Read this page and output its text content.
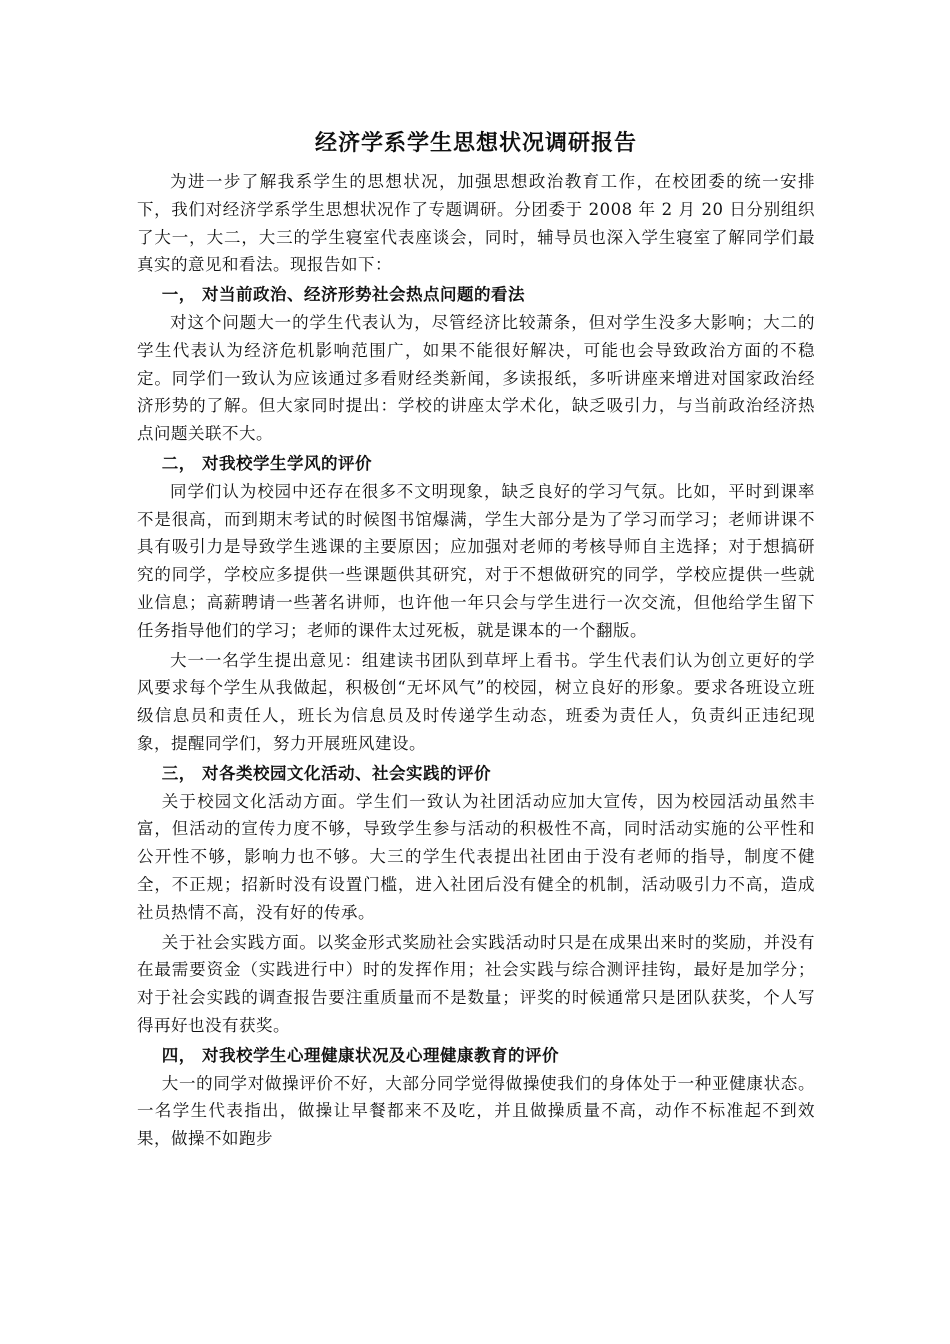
经济学系学生思想状况调研报告

为进一步了解我系学生的思想状况，加强思想政治教育工作，在校团委的统一安排下，我们对经济学系学生思想状况作了专题调研。分团委于 2008 年 2 月 20 日分别组织了大一，大二，大三的学生寝室代表座谈会，同时，辅导员也深入学生寝室了解同学们最真实的意见和看法。现报告如下：

一， 对当前政治、经济形势社会热点问题的看法

对这个问题大一的学生代表认为，尽管经济比较萧条，但对学生没多大影响；大二的学生代表认为经济危机影响范围广，如果不能很好解决，可能也会导致政治方面的不稳定。同学们一致认为应该通过多看财经类新闻，多读报纸，多听讲座来增进对国家政治经济形势的了解。但大家同时提出：学校的讲座太学术化，缺乏吸引力，与当前政治经济热点问题关联不大。

二， 对我校学生学风的评价

同学们认为校园中还存在很多不文明现象，缺乏良好的学习气氛。比如，平时到课率不是很高，而到期末考试的时候图书馆爆满，学生大部分是为了学习而学习；老师讲课不具有吸引力是导致学生逃课的主要原因；应加强对老师的考核导师自主选择；对于想搞研究的同学，学校应多提供一些课题供其研究，对于不想做研究的同学，学校应提供一些就业信息；高薪聘请一些著名讲师，也许他一年只会与学生进行一次交流，但他给学生留下任务指导他们的学习；老师的课件太过死板，就是课本的一个翻版。

大一一名学生提出意见：组建读书团队到草坪上看书。学生代表们认为创立更好的学风要求每个学生从我做起，积极创“无坏风气”的校园，树立良好的形象。要求各班设立班级信息员和责任人，班长为信息员及时传递学生动态，班委为责任人，负责纠正违纪现象，提醒同学们，努力开展班风建设。

三， 对各类校园文化活动、社会实践的评价

关于校园文化活动方面。学生们一致认为社团活动应加大宣传，因为校园活动虽然丰富，但活动的宣传力度不够，导致学生参与活动的积极性不高，同时活动实施的公平性和公开性不够，影响力也不够。大三的学生代表提出社团由于没有老师的指导，制度不健全，不正规；招新时没有设置门槛，进入社团后没有健全的机制，活动吸引力不高，造成社员热情不高，没有好的传承。

关于社会实践方面。以奖金形式奖励社会实践活动时只是在成果出来时的奖励，并没有在最需要资金（实践进行中）时的发挥作用；社会实践与综合测评挂钩，最好是加学分；对于社会实践的调查报告要注重质量而不是数量；评奖的时候通常只是团队获奖，个人写得再好也没有获奖。

四， 对我校学生心理健康状况及心理健康教育的评价

大一的同学对做操评价不好，大部分同学觉得做操使我们的身体处于一种亚健康状态。一名学生代表指出，做操让早餐都来不及吃，并且做操质量不高，动作不标准起不到效果，做操不如跑步
